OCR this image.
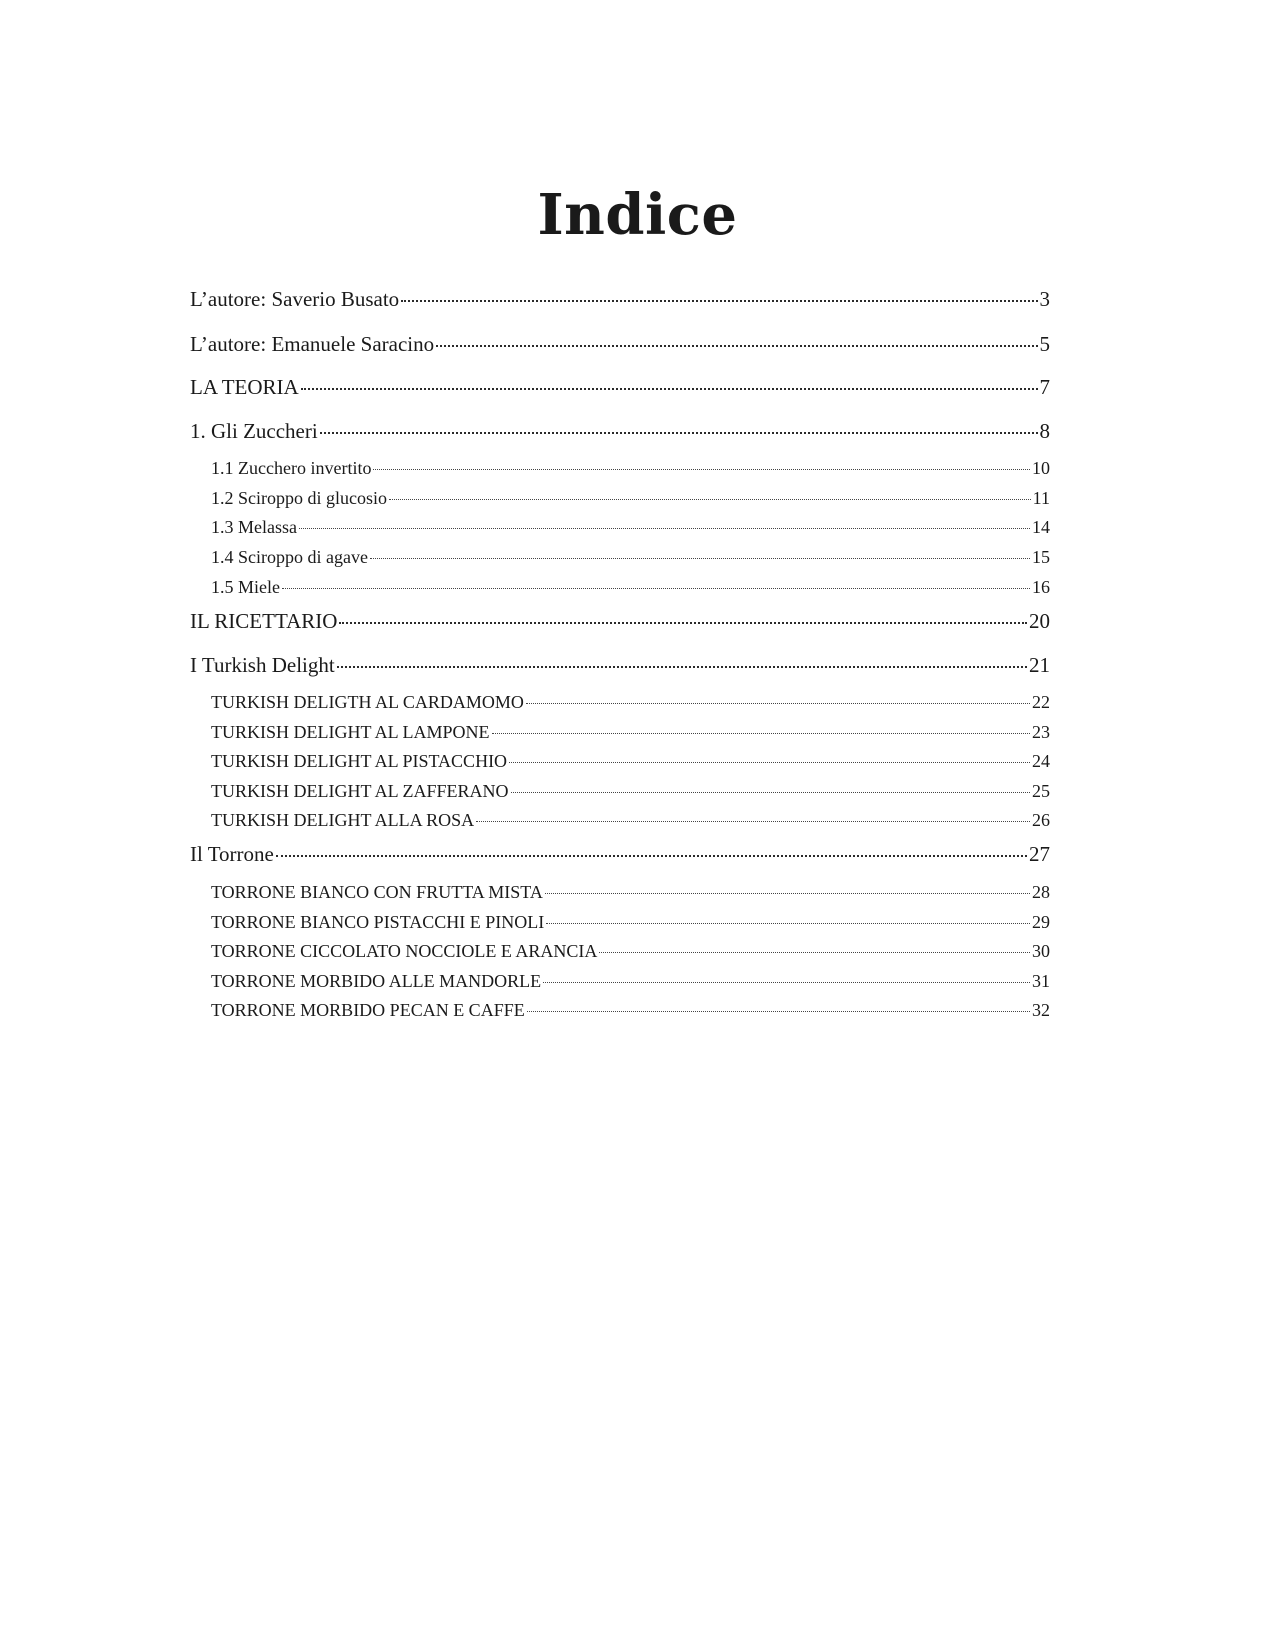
Indice
L’autore: Saverio Busato	3
L’autore: Emanuele Saracino	5
LA TEORIA	7
1. Gli Zuccheri	8
1.1 Zucchero invertito	10
1.2 Sciroppo di glucosio	11
1.3 Melassa	14
1.4 Sciroppo di agave	15
1.5 Miele	16
IL RICETTARIO	20
I Turkish Delight	21
TURKISH DELIGTH AL CARDAMOMO	22
TURKISH DELIGHT AL LAMPONE	23
TURKISH DELIGHT AL PISTACCHIO	24
TURKISH DELIGHT AL ZAFFERANO	25
TURKISH DELIGHT ALLA ROSA	26
Il Torrone	27
TORRONE BIANCO CON FRUTTA MISTA	28
TORRONE BIANCO PISTACCHI E PINOLI	29
TORRONE CICCOLATO NOCCIOLE E ARANCIA	30
TORRONE MORBIDO ALLE MANDORLE	31
TORRONE MORBIDO PECAN E CAFFE	32
